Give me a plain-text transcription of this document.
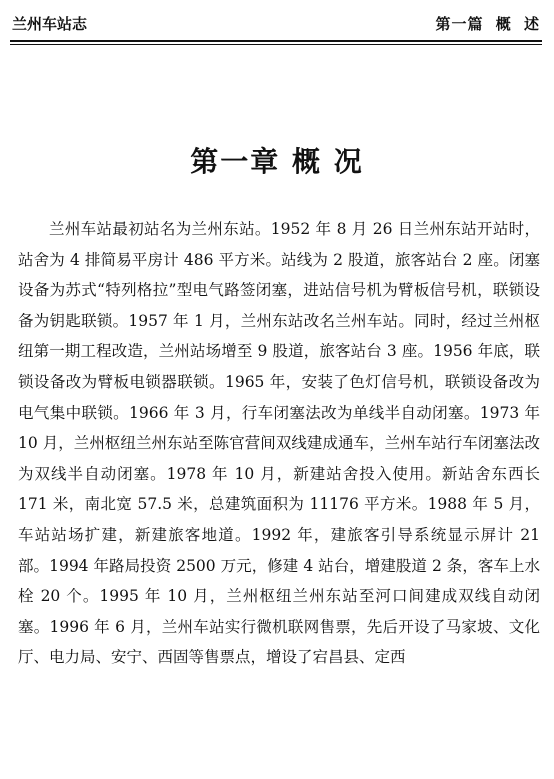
兰州车站志	第一篇 概 述
第一章 概 况

兰州车站最初站名为兰州东站。1952 年 8 月 26 日兰州东站开站时，站舍为 4 排简易平房计 486 平方米。站线为 2 股道，旅客站台 2 座。闭塞设备为苏式“特列格拉”型电气路签闭塞，进站信号机为臂板信号机，联锁设备为钥匙联锁。1957 年 1 月，兰州东站改名兰州车站。同时，经过兰州枢纽第一期工程改造，兰州站场增至 9 股道，旅客站台 3 座。1956 年底，联锁设备改为臂板电锁器联锁。1965 年，安装了色灯信号机，联锁设备改为电气集中联锁。1966 年 3 月，行车闭塞法改为单线半自动闭塞。1973 年 10 月，兰州枢纽兰州东站至陈官营间双线建成通车，兰州车站行车闭塞法改为双线半自动闭塞。1978 年 10 月，新建站舍投入使用。新站舍东西长 171 米，南北宽 57.5 米，总建筑面积为 11176 平方米。1988 年 5 月，车站站场扩建，新建旅客地道。1992 年，建旅客引导系统显示屏计 21 部。1994 年路局投资 2500 万元，修建 4 站台，增建股道 2 条，客车上水栓 20 个。1995 年 10 月，兰州枢纽兰州东站至河口间建成双线自动闭塞。1996 年 6 月，兰州车站实行微机联网售票，先后开设了马家坡、文化厅、电力局、安宁、西固等售票点，增设了宕昌县、定西
